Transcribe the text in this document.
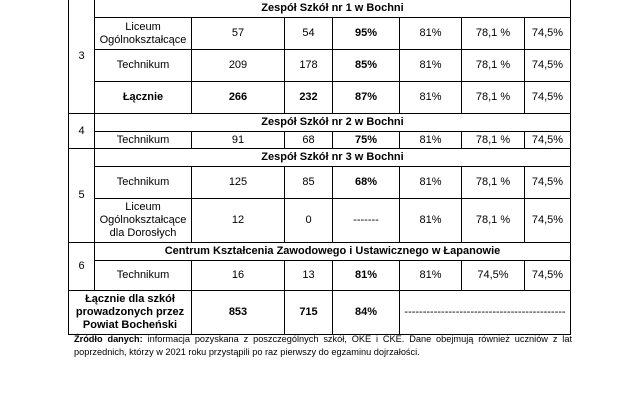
3	Zespół Szkół nr 1 w Bochni						
	Liceum Ogólnokształcące	57	54	95%	81%	78,1 %	74,5%
	Technikum	209	178	85%	81%	78,1 %	74,5%
	Łącznie	266	232	87%	81%	78,1 %	74,5%
4	Zespół Szkół nr 2 w Bochni						
	Technikum	91	68	75%	81%	78,1 %	74,5%
5	Zespół Szkół nr 3 w Bochni						
	Technikum	125	85	68%	81%	78,1 %	74,5%
	Liceum Ogólnokształcące dla Dorosłych	12	0	-------	81%	78,1 %	74,5%
6	Centrum Kształcenia Zawodowego i Ustawicznego w Łapanowie						
	Technikum	16	13	81%	81%	74,5%	74,5%
Łącznie dla szkół prowadzonych przez Powiat Bocheński		853	715	84%	--------------------------------------------		
Źródło danych: informacja pozyskana z poszczególnych szkół, OKE i CKE. Dane obejmują również uczniów z lat poprzednich, którzy w 2021 roku przystąpili po raz pierwszy do egzaminu dojrzałości.
